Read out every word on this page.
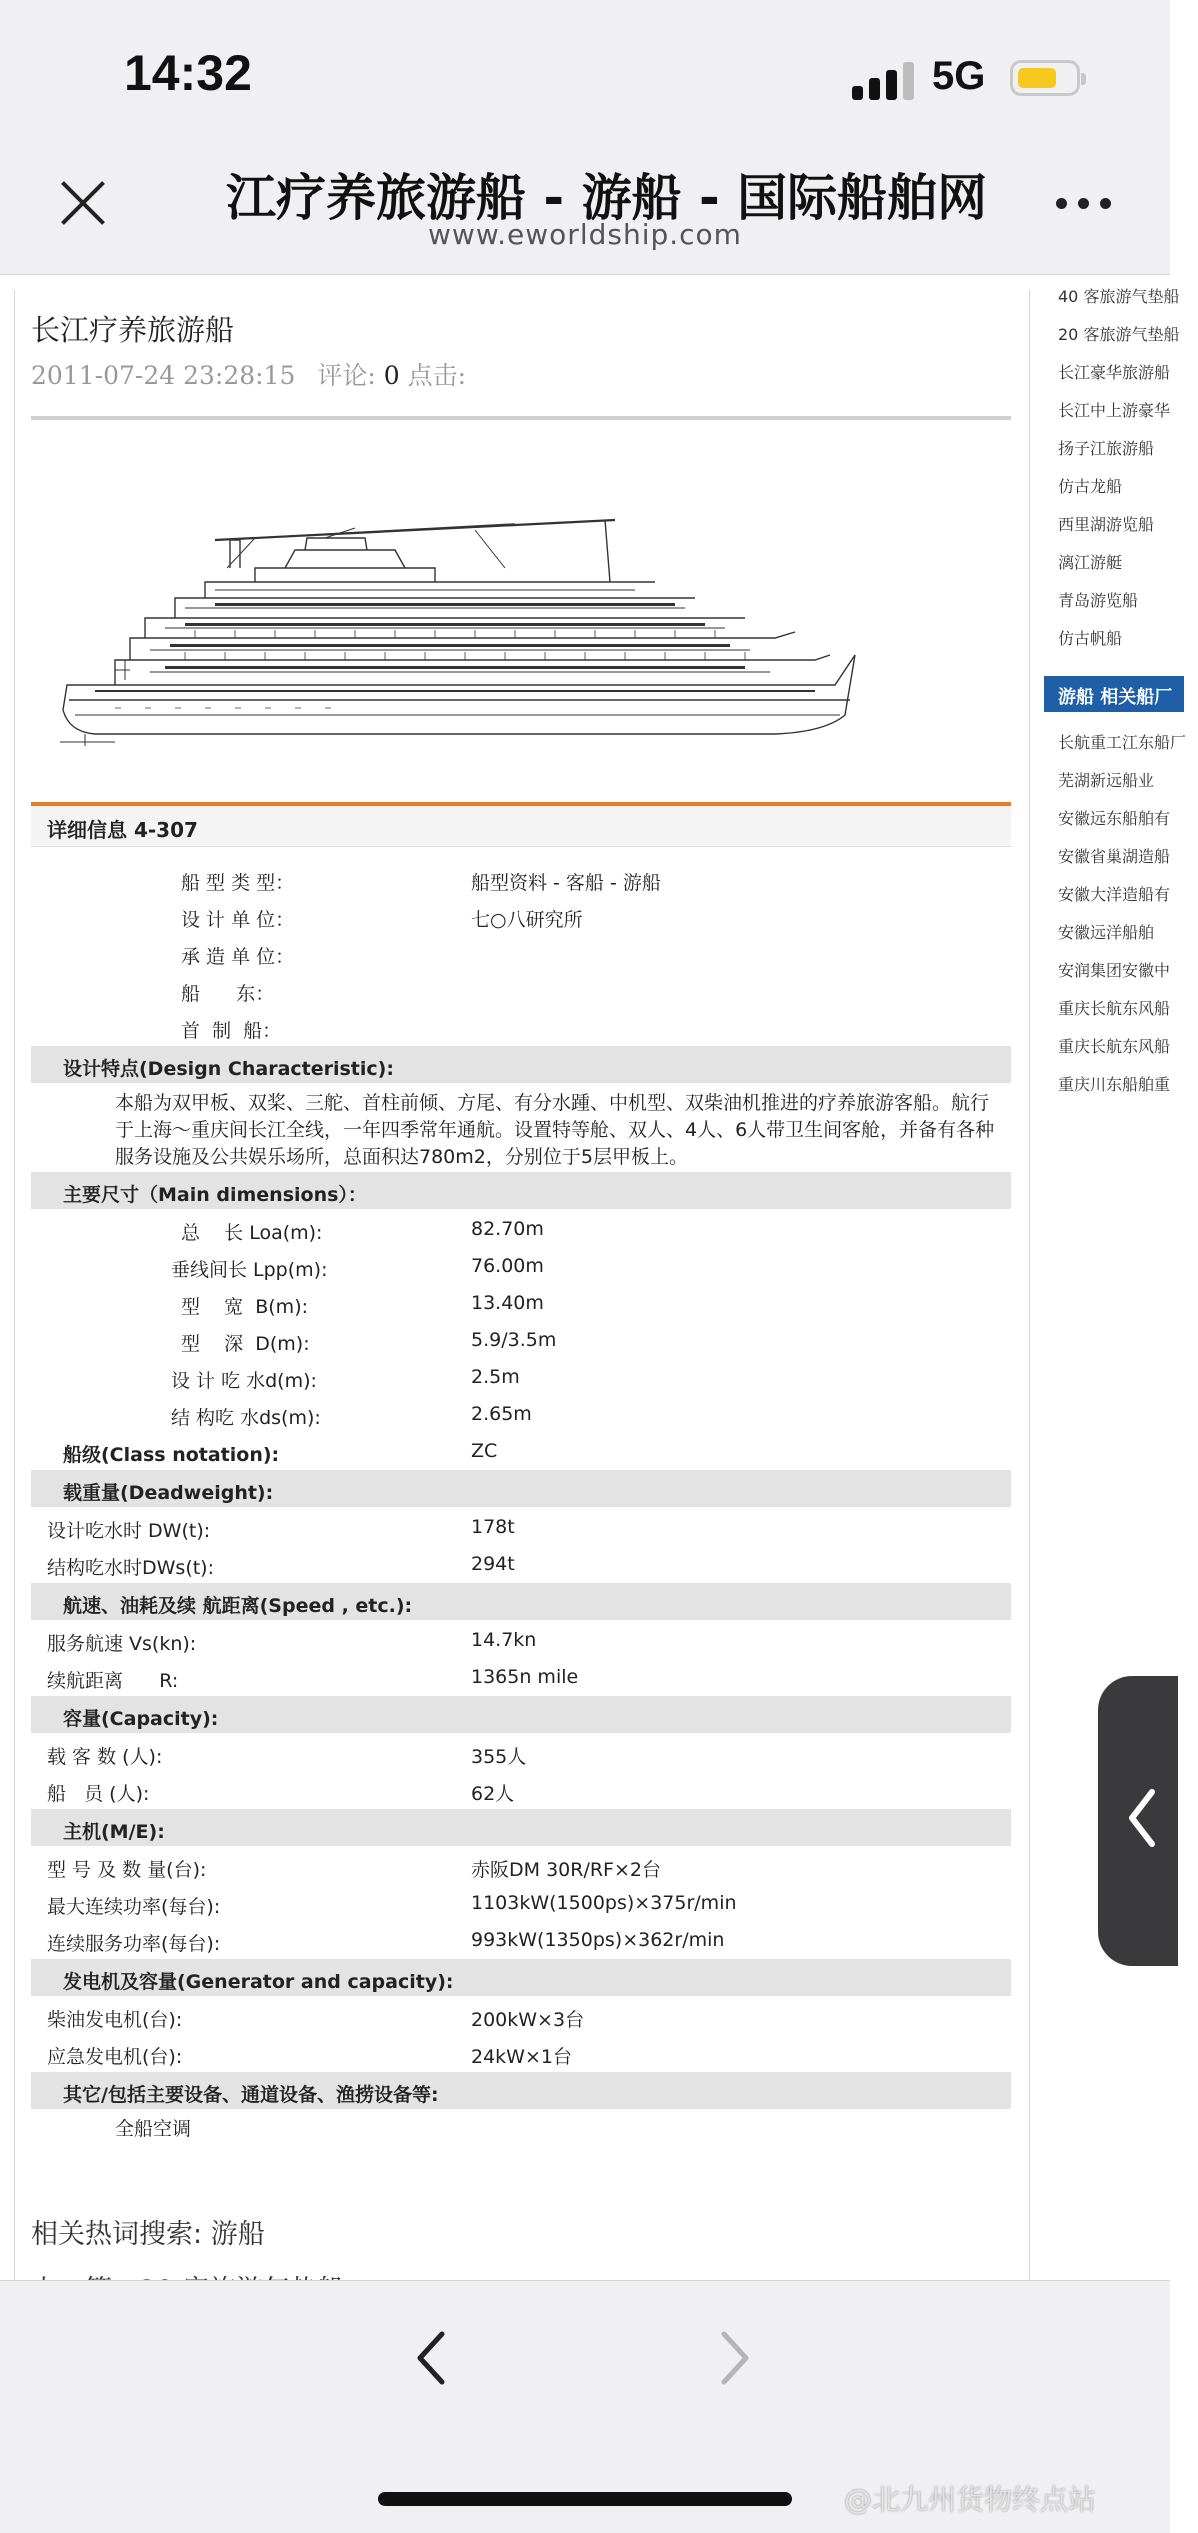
14:32	5G
江疗养旅游船 - 游船 - 国际船舶网
www.eworldship.com
长江疗养旅游船
2011-07-24 23:28:15 评论: 0 点击:
详细信息 4-307
船 型 类 型：	船型资料 - 客船 - 游船
设 计 单 位：	七○八研究所
承 造 单 位：
船      东：
首  制  船：
设计特点(Design Characteristic):
本船为双甲板、双桨、三舵、首柱前倾、方尾、有分水踵、中机型、双柴油机推进的疗养旅游客船。航行于上海～重庆间长江全线，一年四季常年通航。设置特等舱、双人、4人、6人带卫生间客舱，并备有各种服务设施及公共娱乐场所，总面积达780m2，分别位于5层甲板上。
主要尺寸（Main dimensions）：
总    长 Loa(m):	82.70m
垂线间长 Lpp(m):	76.00m
型    宽  B(m):	13.40m
型    深  D(m):	5.9/3.5m
设 计 吃 水d(m):	2.5m
结 构吃 水ds(m):	2.65m
船级(Class notation):	ZC
载重量(Deadweight):
设计吃水时 DW(t):	178t
结构吃水时DWs(t):	294t
航速、油耗及续 航距离(Speed , etc.):
服务航速 Vs(kn):	14.7kn
续航距离      R:	1365n mile
容量(Capacity):
载 客 数 (人):	355人
船   员 (人):	62人
主机(M/E):
型 号 及 数 量(台):	赤阪DM 30R/RF×2台
最大连续功率(每台):	1103kW(1500ps)×375r/min
连续服务功率(每台):	993kW(1350ps)×362r/min
发电机及容量(Generator and capacity):
柴油发电机(台):	200kW×3台
应急发电机(台):	24kW×1台
其它/包括主要设备、通道设备、渔捞设备等:
全船空调
相关热词搜索: 游船
40 客旅游气垫船
20 客旅游气垫船
长江豪华旅游船
长江中上游豪华
扬子江旅游船
仿古龙船
西里湖游览船
漓江游艇
青岛游览船
仿古帆船
游船 相关船厂
长航重工江东船厂
芜湖新远船业
安徽远东船舶有
安徽省巢湖造船
安徽大洋造船有
安徽远洋船舶
安润集团安徽中
重庆长航东风船
重庆长航东风船
重庆川东船舶重
@北九州货物终点站
